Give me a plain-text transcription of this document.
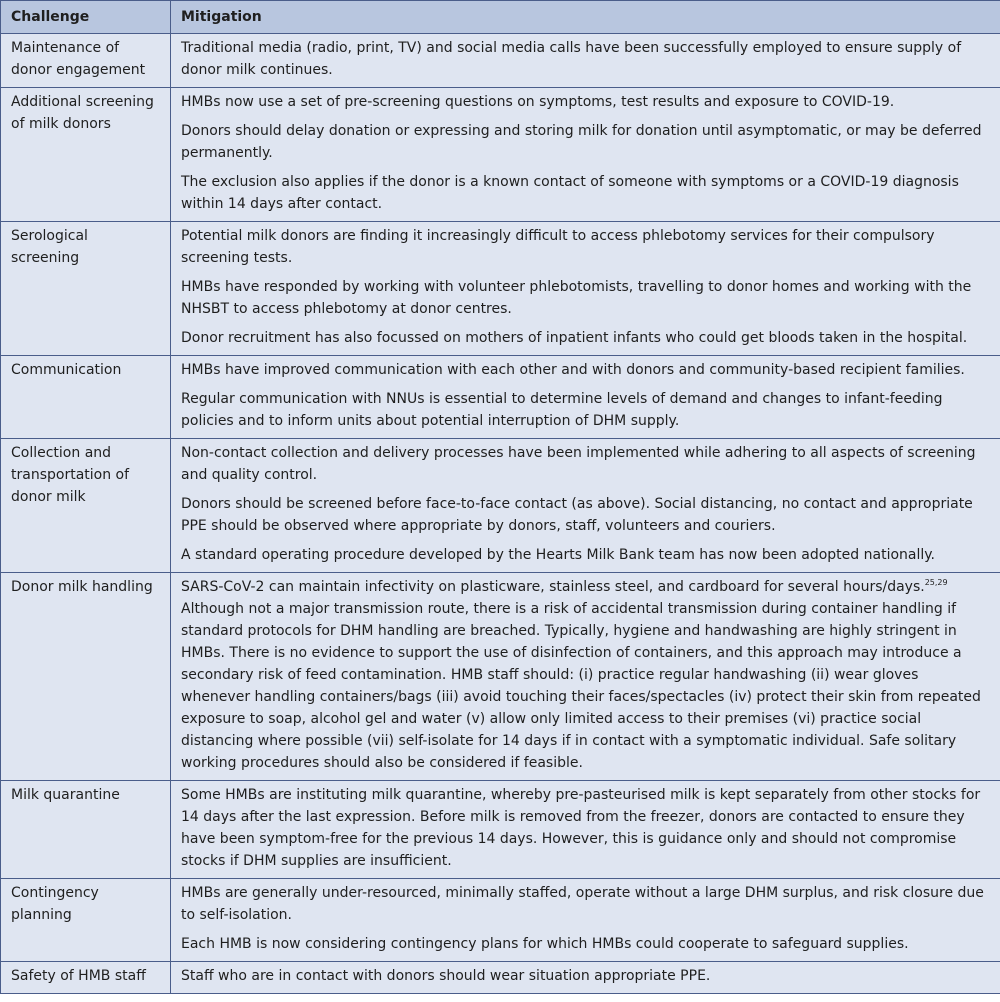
Challenge	Mitigation
Maintenance of donor engagement	Traditional media (radio, print, TV) and social media calls have been successfully employed to ensure supply of donor milk continues.

Additional screening of milk donors	HMBs now use a set of pre-screening questions on symptoms, test results and exposure to COVID-19.

Donors should delay donation or expressing and storing milk for donation until asymptomatic, or may be deferred permanently.

The exclusion also applies if the donor is a known contact of someone with symptoms or a COVID-19 diagnosis within 14 days after contact.

Serological screening	Potential milk donors are finding it increasingly difficult to access phlebotomy services for their compulsory screening tests.

HMBs have responded by working with volunteer phlebotomists, travelling to donor homes and working with the NHSBT to access phlebotomy at donor centres.

Donor recruitment has also focussed on mothers of inpatient infants who could get bloods taken in the hospital.

Communication	HMBs have improved communication with each other and with donors and community-based recipient families.

Regular communication with NNUs is essential to determine levels of demand and changes to infant-feeding policies and to inform units about potential interruption of DHM supply.

Collection and transportation of donor milk	Non-contact collection and delivery processes have been implemented while adhering to all aspects of screening and quality control.

Donors should be screened before face-to-face contact (as above). Social distancing, no contact and appropriate PPE should be observed where appropriate by donors, staff, volunteers and couriers.

A standard operating procedure developed by the Hearts Milk Bank team has now been adopted nationally.

Donor milk handling	SARS-CoV-2 can maintain infectivity on plasticware, stainless steel, and cardboard for several hours/days.$^{25,29}$ Although not a major transmission route, there is a risk of accidental transmission during container handling if standard protocols for DHM handling are breached. Typically, hygiene and handwashing are highly stringent in HMBs. There is no evidence to support the use of disinfection of containers, and this approach may introduce a secondary risk of feed contamination. HMB staff should: (i) practice regular handwashing (ii) wear gloves whenever handling containers/bags (iii) avoid touching their faces/spectacles (iv) protect their skin from repeated exposure to soap, alcohol gel and water (v) allow only limited access to their premises (vi) practice social distancing where possible (vii) self-isolate for 14 days if in contact with a symptomatic individual. Safe solitary working procedures should also be considered if feasible.

Milk quarantine	Some HMBs are instituting milk quarantine, whereby pre-pasteurised milk is kept separately from other stocks for 14 days after the last expression. Before milk is removed from the freezer, donors are contacted to ensure they have been symptom-free for the previous 14 days. However, this is guidance only and should not compromise stocks if DHM supplies are insufficient.

Contingency planning	HMBs are generally under-resourced, minimally staffed, operate without a large DHM surplus, and risk closure due to self-isolation.

Each HMB is now considering contingency plans for which HMBs could cooperate to safeguard supplies.

Safety of HMB staff	Staff who are in contact with donors should wear situation appropriate PPE.
